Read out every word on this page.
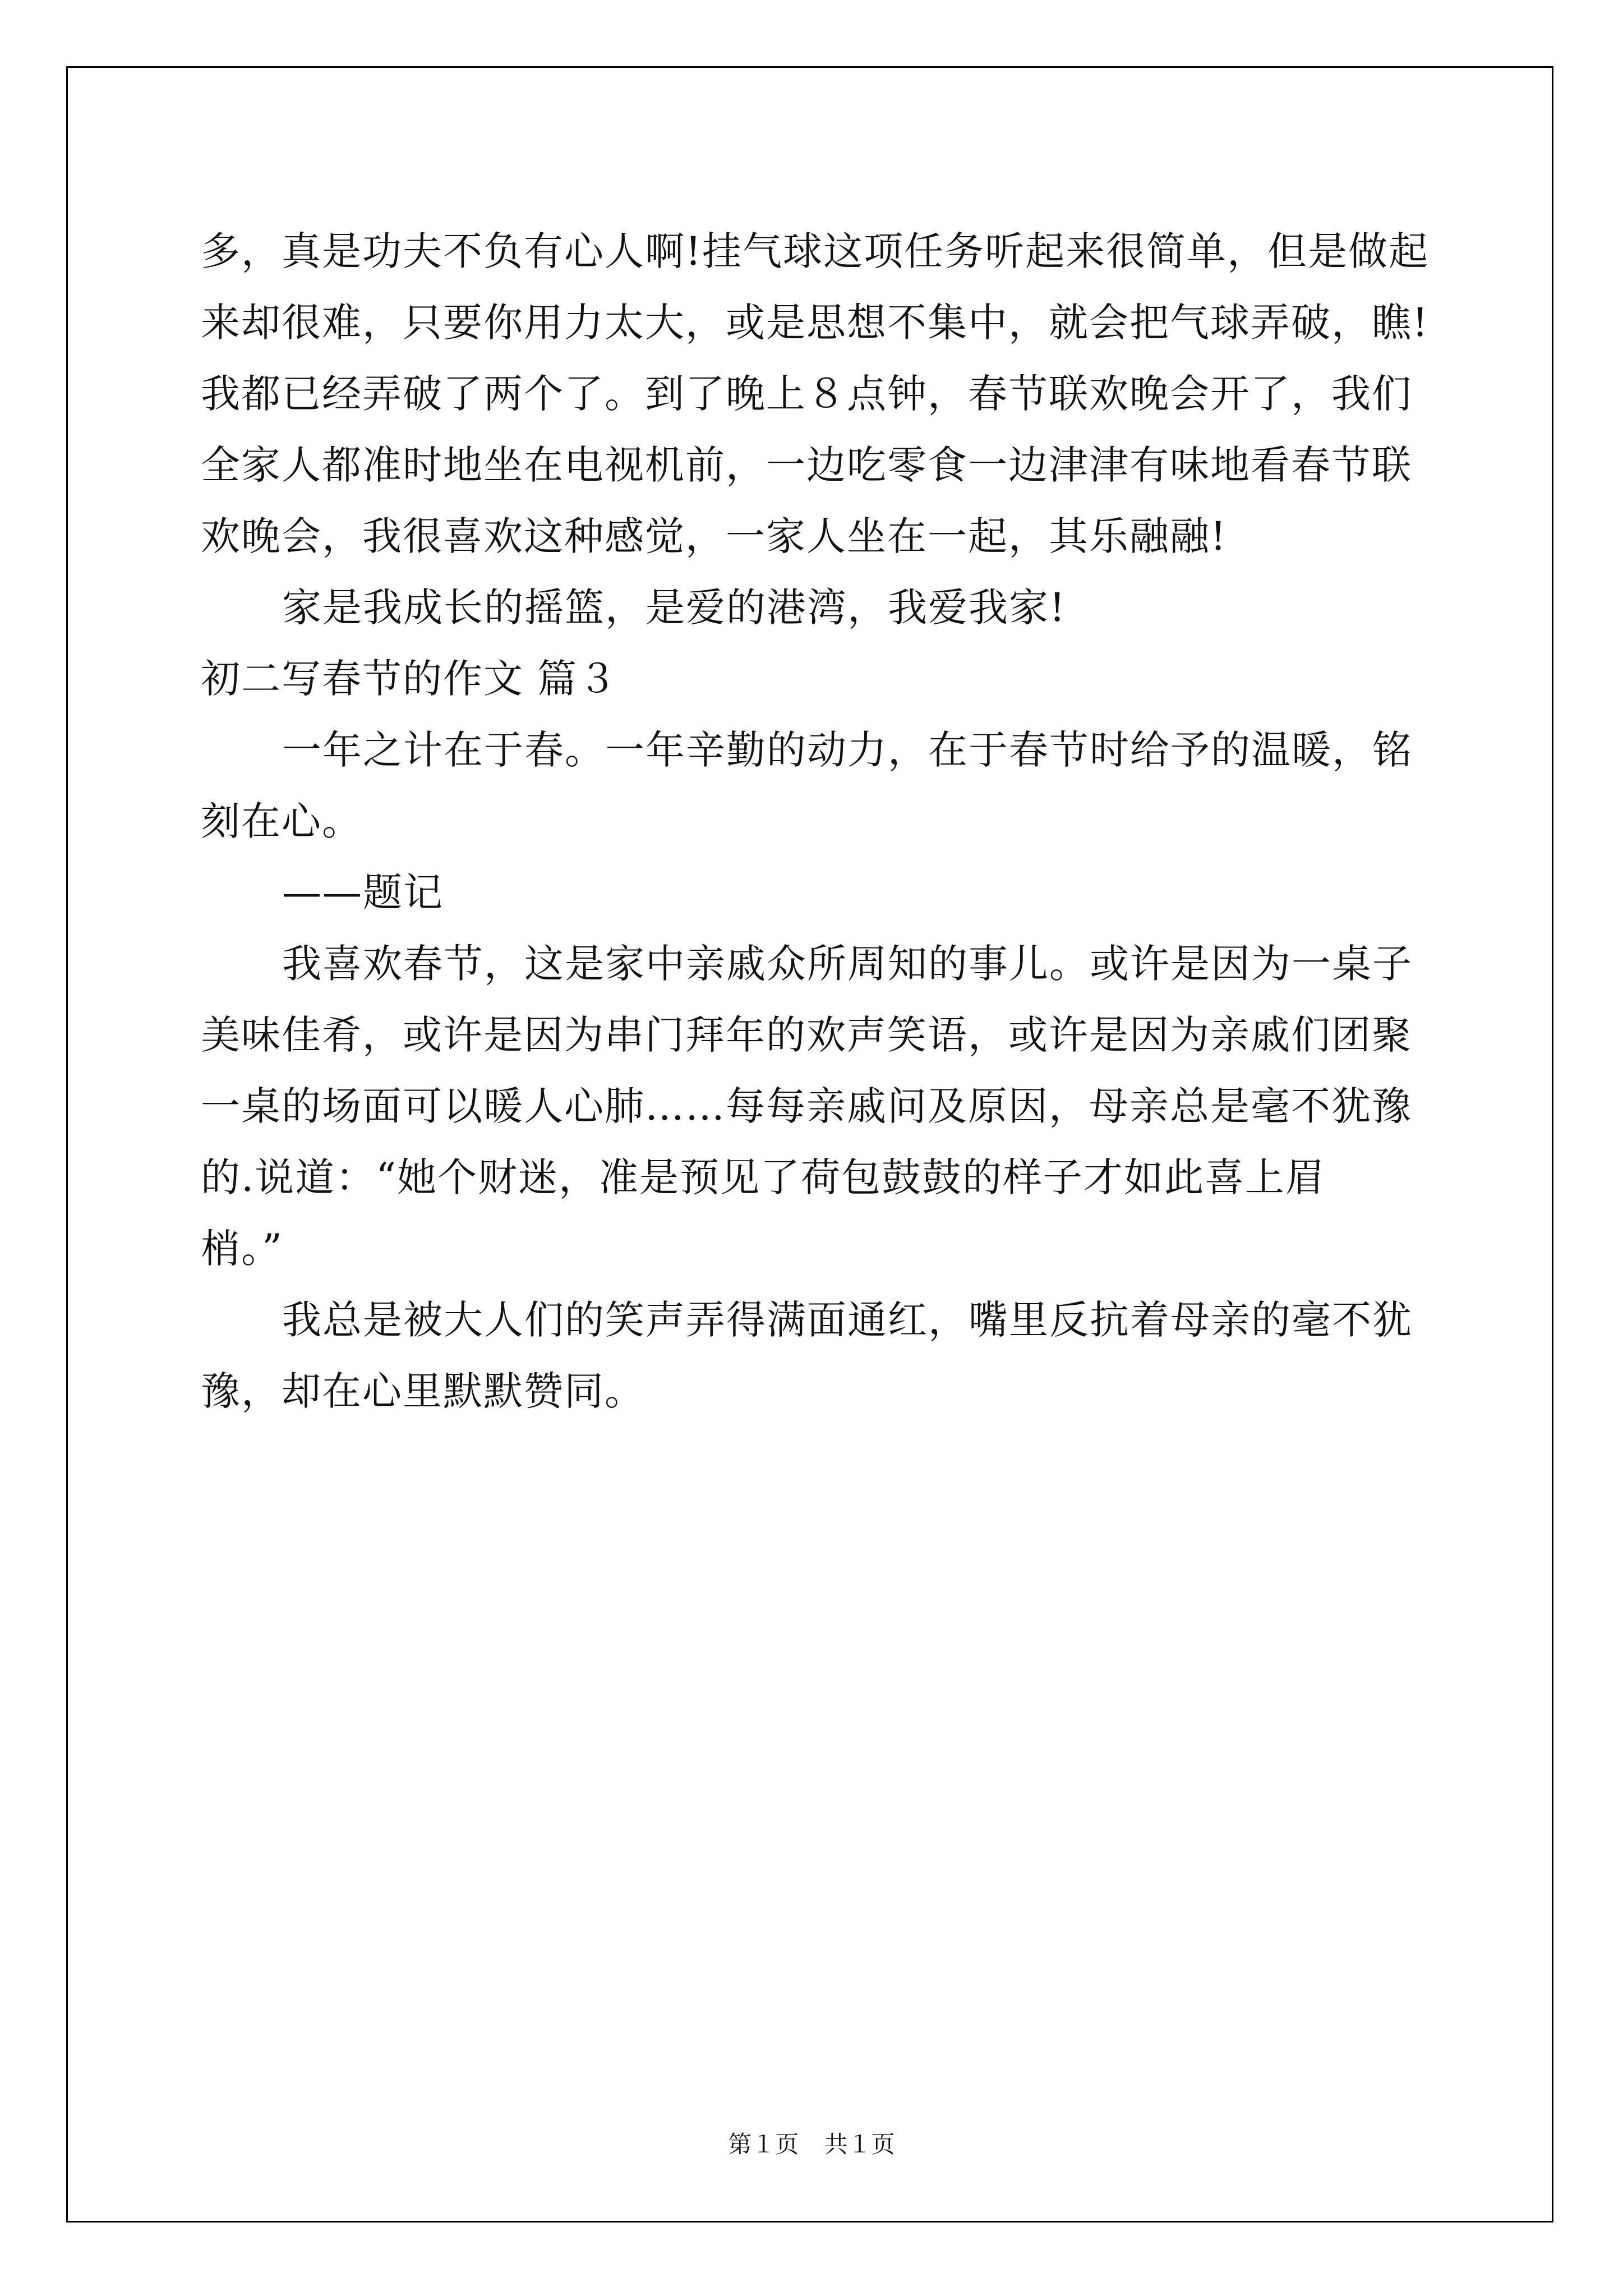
多，真是功夫不负有心人啊!挂气球这项任务听起来很简单，但是做起

来却很难，只要你用力太大，或是思想不集中，就会把气球弄破，瞧!

我都已经弄破了两个了。到了晚上８点钟，春节联欢晚会开了，我们

全家人都准时地坐在电视机前，一边吃零食一边津津有味地看春节联

欢晚会，我很喜欢这种感觉，一家人坐在一起，其乐融融!

家是我成长的摇篮，是爱的港湾，我爱我家!

初二写春节的作文 篇３

一年之计在于春。一年辛勤的动力，在于春节时给予的温暖，铭

刻在心。

——题记

我喜欢春节，这是家中亲戚众所周知的事儿。或许是因为一桌子

美味佳肴，或许是因为串门拜年的欢声笑语，或许是因为亲戚们团聚

一桌的场面可以暖人心肺……每每亲戚问及原因，母亲总是毫不犹豫

的.说道：“她个财迷，准是预见了荷包鼓鼓的样子才如此喜上眉

梢。”

我总是被大人们的笑声弄得满面通红，嘴里反抗着母亲的毫不犹

豫，却在心里默默赞同。

第１页 共１页
